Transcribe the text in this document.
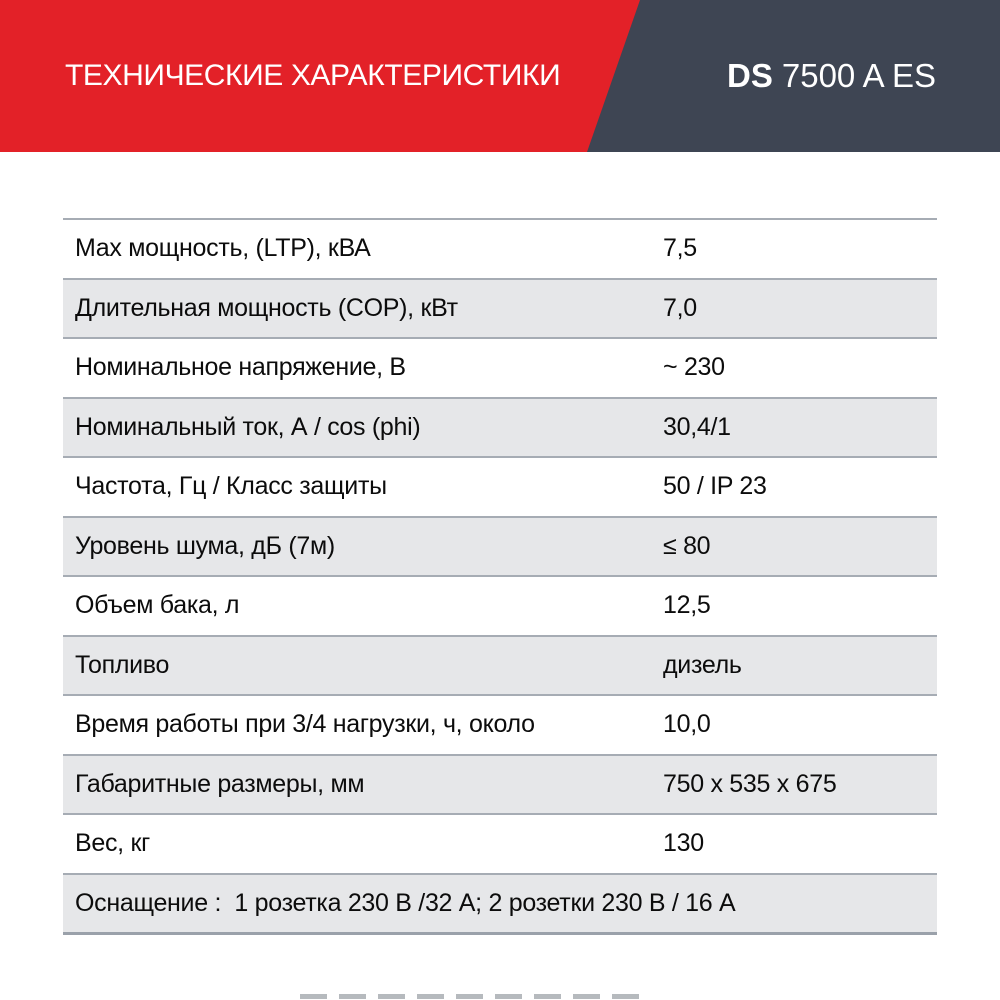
ТЕХНИЧЕСКИЕ ХАРАКТЕРИСТИКИ	DS 7500 A ES
Мах мощность, (LTP), кВА	7,5
Длительная мощность (COP), кВт	7,0
Номинальное напряжение, В	~ 230
Номинальный ток, А / cos (phi)	30,4/1
Частота, Гц / Класс защиты	50 / IP 23
Уровень шума, дБ (7м)	≤ 80
Объем бака, л	12,5
Топливо	дизель
Время работы при 3/4 нагрузки, ч, около	10,0
Габаритные размеры, мм	750 х 535 х 675
Вес, кг	130
Оснащение :  1 розетка 230 В /32 А; 2 розетки 230 В / 16 А
